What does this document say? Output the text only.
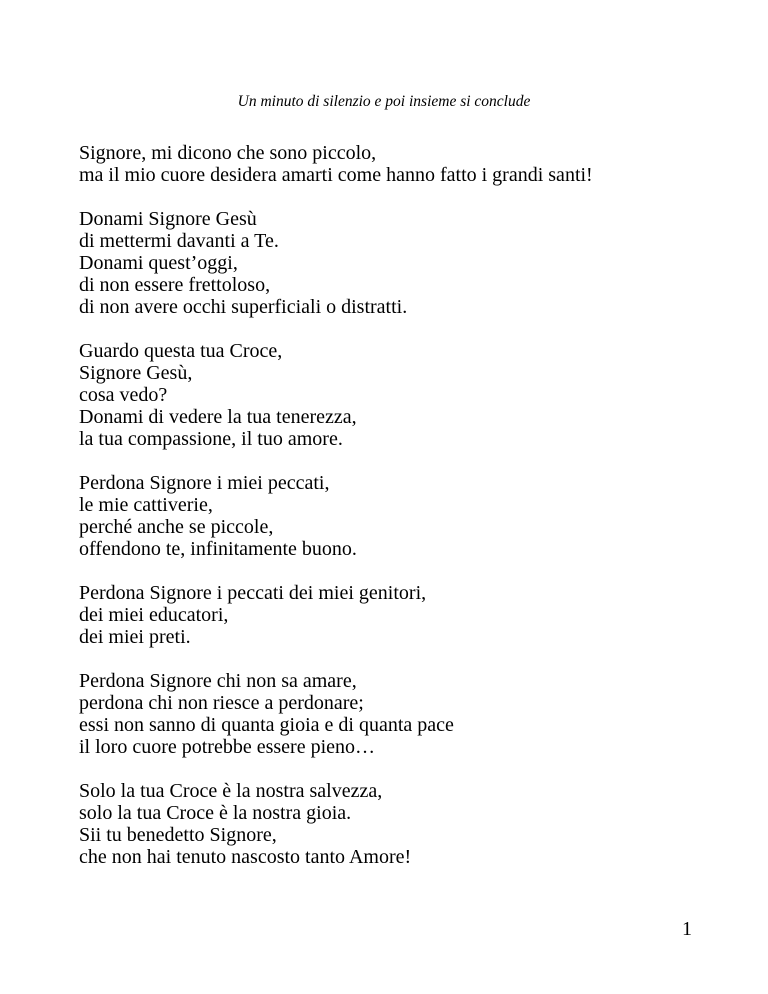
Un minuto di silenzio e poi insieme si conclude
Signore, mi dicono che sono piccolo,
ma il mio cuore desidera amarti come hanno fatto i grandi santi!
Donami Signore Gesù
di mettermi davanti a Te.
Donami quest’oggi,
di non essere frettoloso,
di non avere occhi superficiali o distratti.
Guardo questa tua Croce,
Signore Gesù,
cosa vedo?
Donami di vedere la tua tenerezza,
la tua compassione, il tuo amore.
Perdona Signore i miei peccati,
le mie cattiverie,
perché anche se piccole,
offendono te, infinitamente buono.
Perdona Signore i peccati dei miei genitori,
dei miei educatori,
dei miei preti.
Perdona Signore chi non sa amare,
perdona chi non riesce a perdonare;
essi non sanno di quanta gioia e di quanta pace
il loro cuore potrebbe essere pieno…
Solo la tua Croce è la nostra salvezza,
solo la tua Croce è la nostra gioia.
Sii tu benedetto Signore,
che non hai tenuto nascosto tanto Amore!
1
